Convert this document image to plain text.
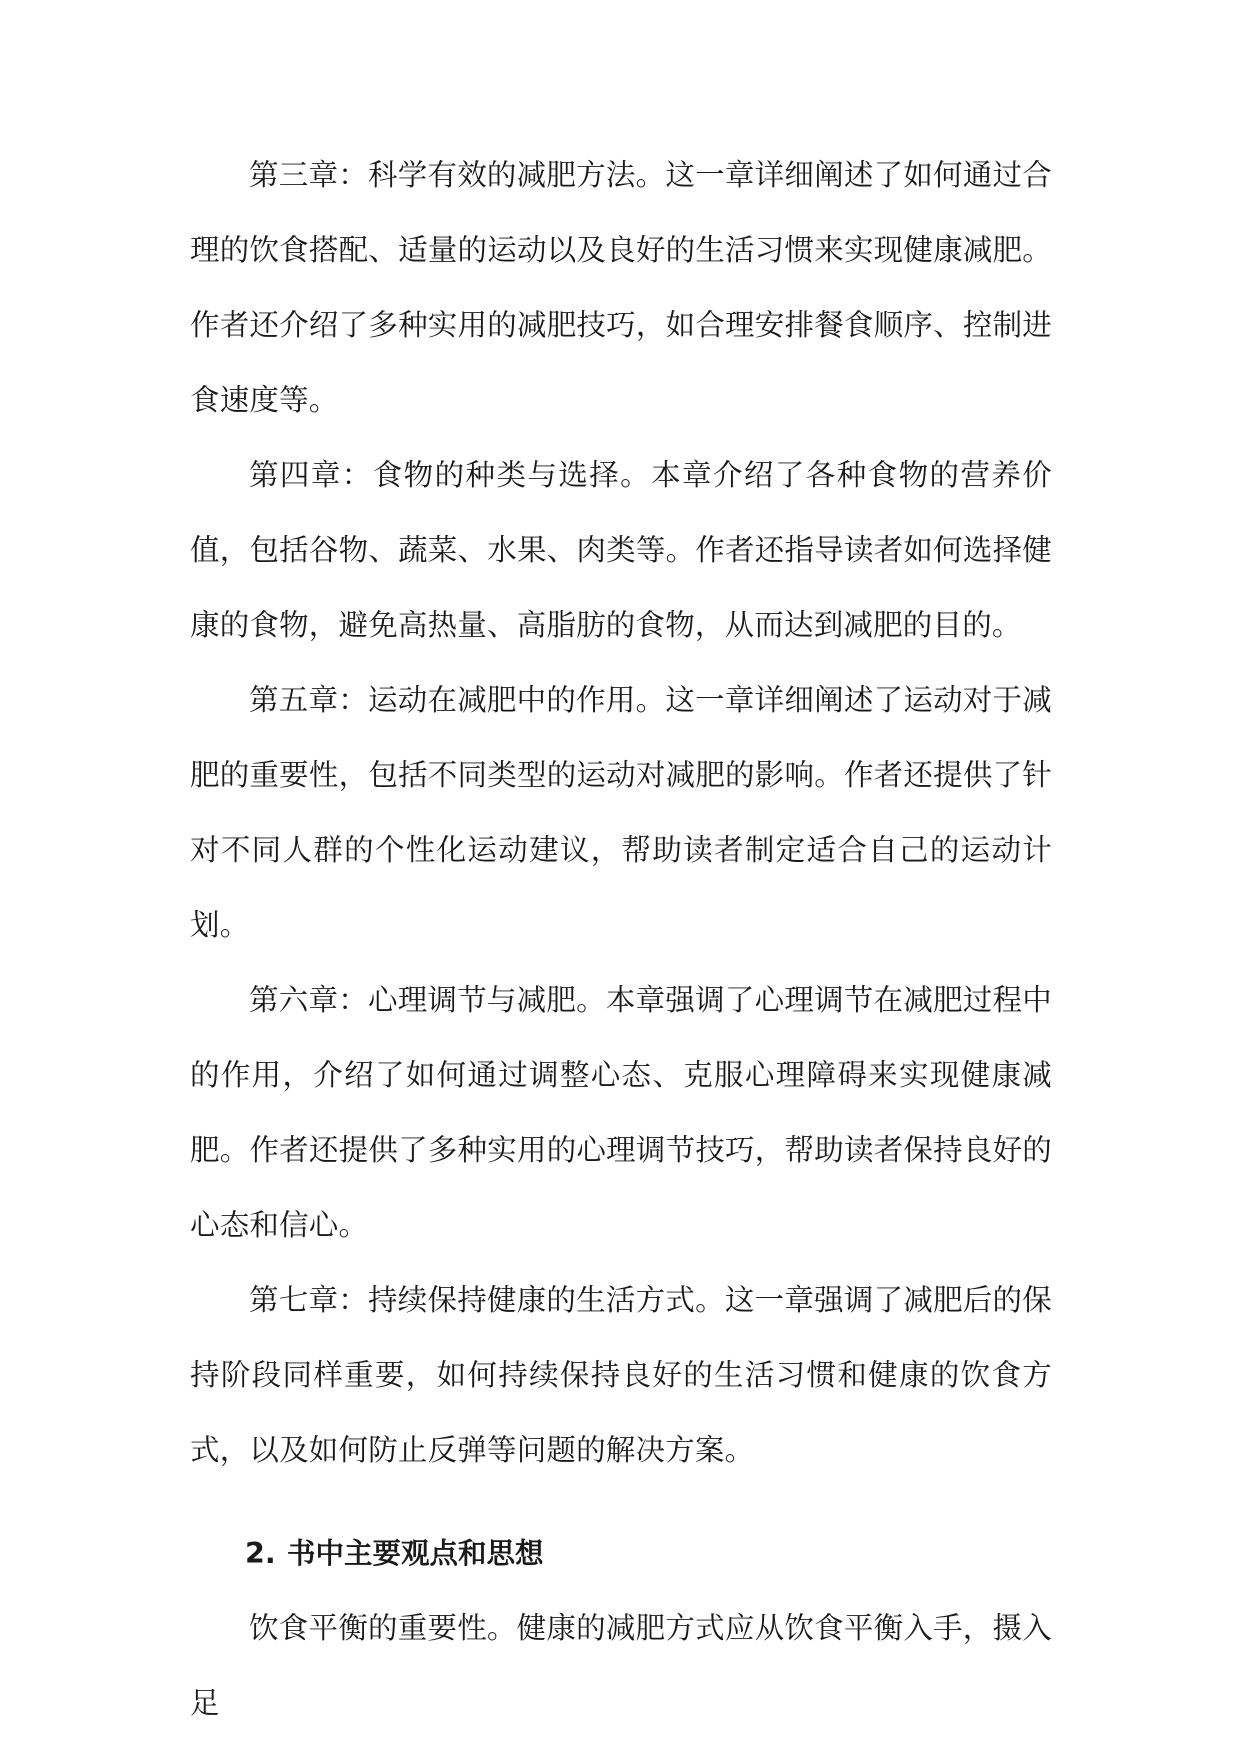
第三章：科学有效的减肥方法。这一章详细阐述了如何通过合理的饮食搭配、适量的运动以及良好的生活习惯来实现健康减肥。作者还介绍了多种实用的减肥技巧，如合理安排餐食顺序、控制进食速度等。

第四章：食物的种类与选择。本章介绍了各种食物的营养价值，包括谷物、蔬菜、水果、肉类等。作者还指导读者如何选择健康的食物，避免高热量、高脂肪的食物，从而达到减肥的目的。

第五章：运动在减肥中的作用。这一章详细阐述了运动对于减肥的重要性，包括不同类型的运动对减肥的影响。作者还提供了针对不同人群的个性化运动建议，帮助读者制定适合自己的运动计划。

第六章：心理调节与减肥。本章强调了心理调节在减肥过程中的作用，介绍了如何通过调整心态、克服心理障碍来实现健康减肥。作者还提供了多种实用的心理调节技巧，帮助读者保持良好的心态和信心。

第七章：持续保持健康的生活方式。这一章强调了减肥后的保持阶段同样重要，如何持续保持良好的生活习惯和健康的饮食方式，以及如何防止反弹等问题的解决方案。

2. 书中主要观点和思想

饮食平衡的重要性。健康的减肥方式应从饮食平衡入手，摄入足
